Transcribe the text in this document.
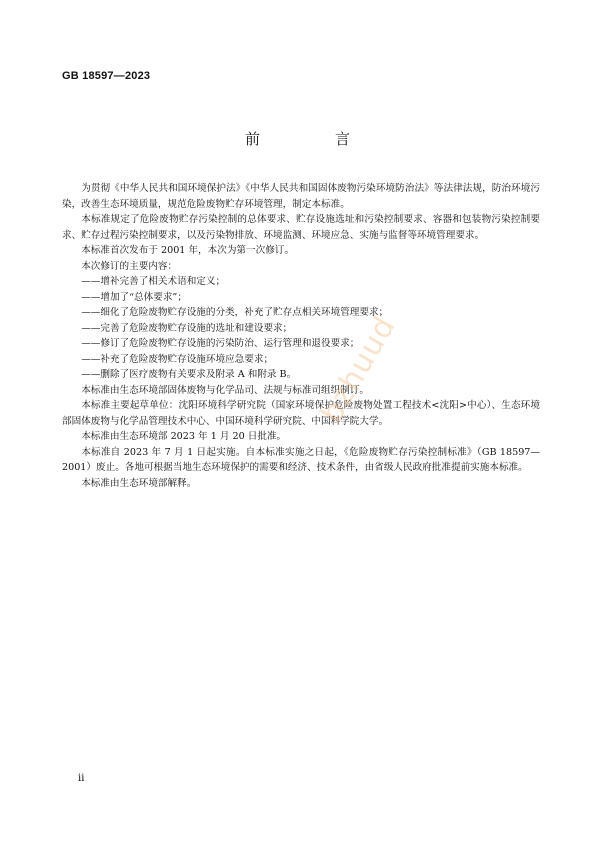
GB 18597—2023
前　言

为贯彻《中华人民共和国环境保护法》《中华人民共和国固体废物污染环境防治法》等法律法规，防治环境污染，改善生态环境质量，规范危险废物贮存环境管理，制定本标准。

本标准规定了危险废物贮存污染控制的总体要求、贮存设施选址和污染控制要求、容器和包装物污染控制要求、贮存过程污染控制要求，以及污染物排放、环境监测、环境应急、实施与监督等环境管理要求。

本标准首次发布于 2001 年，本次为第一次修订。

本次修订的主要内容：

——增补完善了相关术语和定义；

——增加了“总体要求”；

——细化了危险废物贮存设施的分类，补充了贮存点相关环境管理要求；

——完善了危险废物贮存设施的选址和建设要求；

——修订了危险废物贮存设施的污染防治、运行管理和退役要求；

——补充了危险废物贮存设施环境应急要求；

——删除了医疗废物有关要求及附录 A 和附录 B。

本标准由生态环境部固体废物与化学品司、法规与标准司组织制订。

本标准主要起草单位：沈阳环境科学研究院（国家环境保护危险废物处置工程技术<沈阳>中心）、生态环境部固体废物与化学品管理技术中心、中国环境科学研究院、中国科学院大学。

本标准由生态环境部 2023 年 1 月 20 日批准。

本标准自 2023 年 7 月 1 日起实施。自本标准实施之日起，《危险废物贮存污染控制标准》（GB 18597—2001）废止。各地可根据当地生态环境保护的需要和经济、技术条件，由省级人民政府批准提前实施本标准。

本标准由生态环境部解释。

bzhuud
ii
